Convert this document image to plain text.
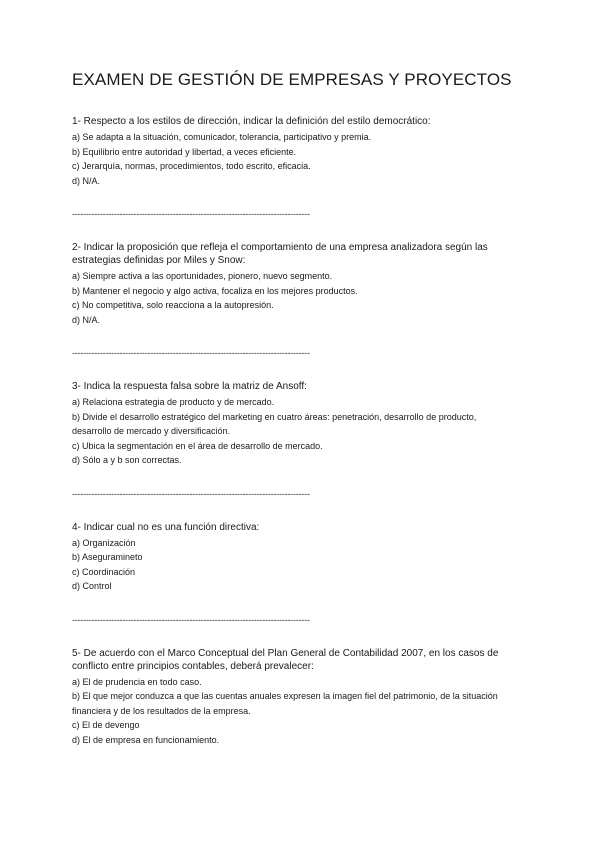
EXAMEN DE GESTIÓN DE EMPRESAS Y PROYECTOS

1- Respecto a los estilos de dirección, indicar la definición del estilo democrático:

a) Se adapta a la situación, comunicador, tolerancia, participativo y premia.

b) Equilibrio entre autoridad y libertad, a veces eficiente.

c) Jerarquía, normas, procedimientos, todo escrito, eficacia.

d) N/A.

-------------------------------------------------------------------------------------

2- Indicar la proposición que refleja el comportamiento de una empresa analizadora según las estrategias definidas por Miles y Snow:

a) Siempre activa a las oportunidades, pionero, nuevo segmento.

b) Mantener el negocio y algo activa, focaliza en los mejores productos.

c) No competitiva, solo reacciona a la autopresión.

d) N/A.

-------------------------------------------------------------------------------------

3- Indica la respuesta falsa sobre la matriz de Ansoff:

a) Relaciona estrategia de producto y de mercado.

b) Divide el desarrollo estratégico del marketing en cuatro áreas: penetración, desarrollo de producto, desarrollo de mercado y diversificación.

c) Ubica la segmentación en el área de desarrollo de mercado.

d) Sólo a y b son correctas.

-------------------------------------------------------------------------------------

4- Indicar cual no es una función directiva:

a) Organización

b) Aseguramineto

c) Coordinación

d) Control

-------------------------------------------------------------------------------------

5- De acuerdo con el Marco Conceptual del Plan General de Contabilidad 2007, en los casos de conflicto entre principios contables, deberá prevalecer:

a) El de prudencia en todo caso.

b) El que mejor conduzca a que las cuentas anuales expresen la imagen fiel del patrimonio, de la situación financiera y de los resultados de la empresa.

c) El de devengo

d) El de empresa en funcionamiento.
